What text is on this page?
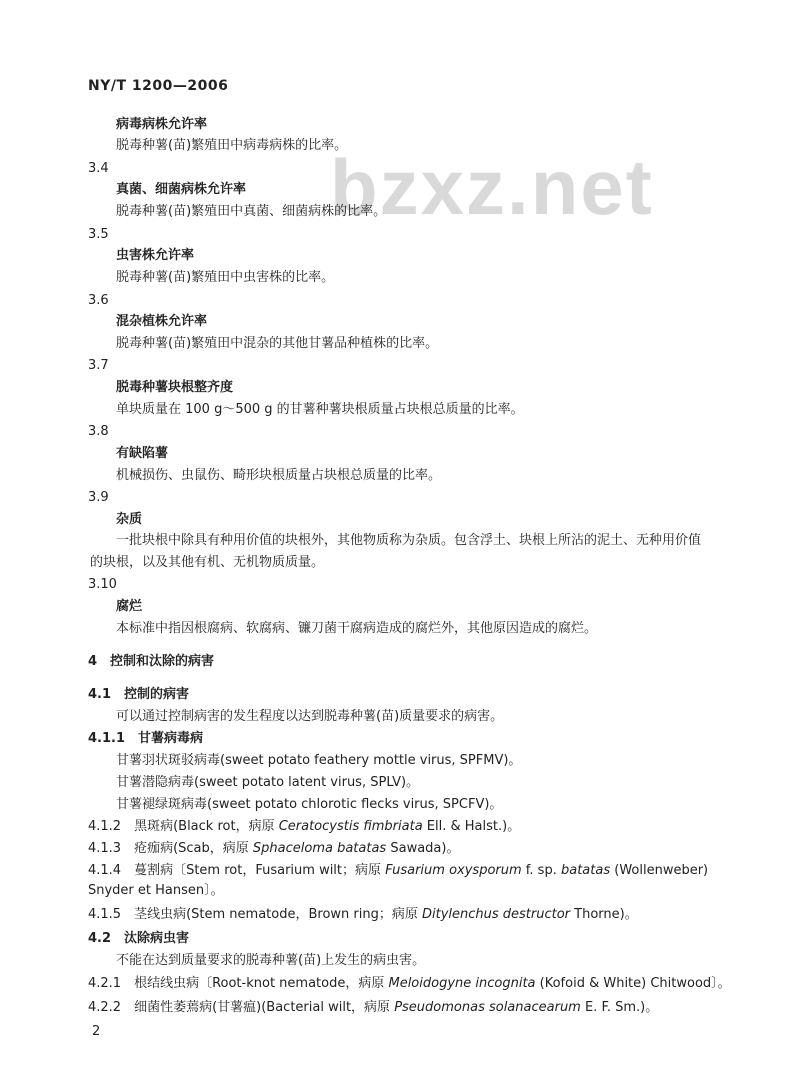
bzxz.net
NY/T 1200—2006
病毒病株允许率
脱毒种薯(苗)繁殖田中病毒病株的比率。
3.4
真菌、细菌病株允许率
脱毒种薯(苗)繁殖田中真菌、细菌病株的比率。
3.5
虫害株允许率
脱毒种薯(苗)繁殖田中虫害株的比率。
3.6
混杂植株允许率
脱毒种薯(苗)繁殖田中混杂的其他甘薯品种植株的比率。
3.7
脱毒种薯块根整齐度
单块质量在 100 g～500 g 的甘薯种薯块根质量占块根总质量的比率。
3.8
有缺陷薯
机械损伤、虫鼠伤、畸形块根质量占块根总质量的比率。
3.9
杂质
一批块根中除具有种用价值的块根外，其他物质称为杂质。包含浮土、块根上所沾的泥土、无种用价值的块根，以及其他有机、无机物质质量。
3.10
腐烂
本标准中指因根腐病、软腐病、镰刀菌干腐病造成的腐烂外，其他原因造成的腐烂。
4　控制和汰除的病害
4.1　控制的病害
可以通过控制病害的发生程度以达到脱毒种薯(苗)质量要求的病害。
4.1.1　甘薯病毒病
甘薯羽状斑驳病毒(sweet potato feathery mottle virus, SPFMV)。
甘薯潜隐病毒(sweet potato latent virus, SPLV)。
甘薯褪绿斑病毒(sweet potato chlorotic flecks virus, SPCFV)。
4.1.2　黑斑病(Black rot，病原 Ceratocystis fimbriata Ell. & Halst.)。
4.1.3　疮痂病(Scab，病原 Sphaceloma batatas Sawada)。
4.1.4　蔓割病〔Stem rot，Fusarium wilt；病原 Fusarium oxysporum f. sp. batatas (Wollenweber) Snyder et Hansen〕。
4.1.5　茎线虫病(Stem nematode，Brown ring；病原 Ditylenchus destructor Thorne)。
4.2　汰除病虫害
不能在达到质量要求的脱毒种薯(苗)上发生的病虫害。
4.2.1　根结线虫病〔Root-knot nematode，病原 Meloidogyne incognita (Kofoid & White) Chitwood〕。
4.2.2　细菌性萎蔫病(甘薯瘟)(Bacterial wilt，病原 Pseudomonas solanacearum E. F. Sm.)。
2
